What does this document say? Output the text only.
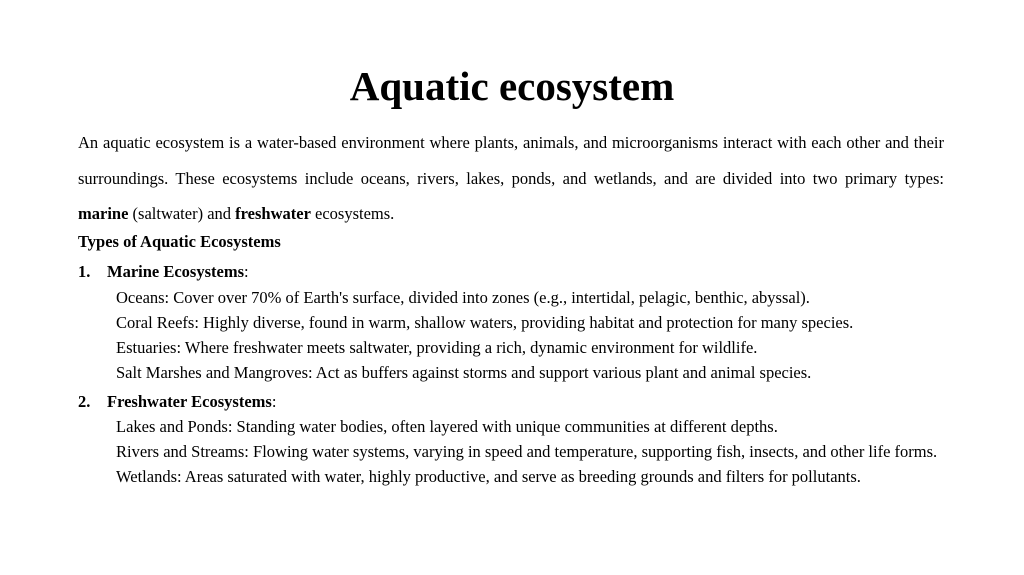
Aquatic ecosystem

An aquatic ecosystem is a water-based environment where plants, animals, and microorganisms interact with each other and their surroundings. These ecosystems include oceans, rivers, lakes, ponds, and wetlands, and are divided into two primary types: marine (saltwater) and freshwater ecosystems.

Types of Aquatic Ecosystems
1. Marine Ecosystems:
Oceans: Cover over 70% of Earth's surface, divided into zones (e.g., intertidal, pelagic, benthic, abyssal).
Coral Reefs: Highly diverse, found in warm, shallow waters, providing habitat and protection for many species.
Estuaries: Where freshwater meets saltwater, providing a rich, dynamic environment for wildlife.
Salt Marshes and Mangroves: Act as buffers against storms and support various plant and animal species.
2. Freshwater Ecosystems:
Lakes and Ponds: Standing water bodies, often layered with unique communities at different depths.
Rivers and Streams: Flowing water systems, varying in speed and temperature, supporting fish, insects, and other life forms.
Wetlands: Areas saturated with water, highly productive, and serve as breeding grounds and filters for pollutants.
